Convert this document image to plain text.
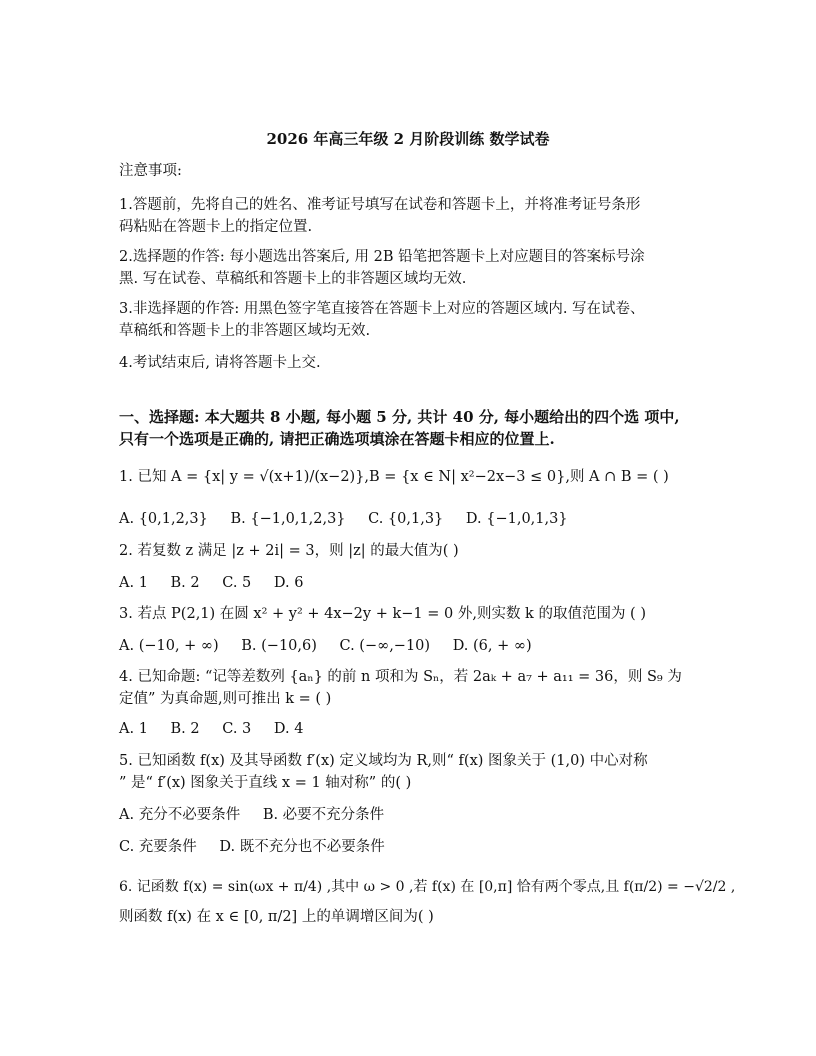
2026 年高三年级 2 月阶段训练 数学试卷
注意事项:
1.答题前，先将自己的姓名、准考证号填写在试卷和答题卡上，并将准考证号条形
码粘贴在答题卡上的指定位置.
2.选择题的作答: 每小题选出答案后, 用 2B 铅笔把答题卡上对应题目的答案标号涂
黑. 写在试卷、草稿纸和答题卡上的非答题区域均无效.
3.非选择题的作答: 用黑色签字笔直接答在答题卡上对应的答题区域内. 写在试卷、
草稿纸和答题卡上的非答题区域均无效.
4.考试结束后, 请将答题卡上交.
一、选择题: 本大题共 8 小题, 每小题 5 分, 共计 40 分, 每小题给出的四个选 项中,
只有一个选项是正确的, 请把正确选项填涂在答题卡相应的位置上.
1. 已知 A = {x| y = √(x+1)/(x−2)},B = {x ∈ N| x²−2x−3 ≤ 0},则 A ∩ B = ( )
A. {0,1,2,3} B. {−1,0,1,2,3} C. {0,1,3} D. {−1,0,1,3}
2. 若复数 z 满足 |z + 2i| = 3，则 |z| 的最大值为( )
A. 1 B. 2 C. 5 D. 6
3. 若点 P(2,1) 在圆 x² + y² + 4x−2y + k−1 = 0 外,则实数 k 的取值范围为 ( )
A. (−10, + ∞) B. (−10,6) C. (−∞,−10) D. (6, + ∞)
4. 已知命题: “记等差数列 {aₙ} 的前 n 项和为 Sₙ，若 2aₖ + a₇ + a₁₁ = 36，则 S₉ 为
定值” 为真命题,则可推出 k = ( )
A. 1 B. 2 C. 3 D. 4
5. 已知函数 f(x) 及其导函数 f′(x) 定义域均为 R,则“ f(x) 图象关于 (1,0) 中心对称
” 是“ f′(x) 图象关于直线 x = 1 轴对称” 的( )
A. 充分不必要条件 B. 必要不充分条件
C. 充要条件 D. 既不充分也不必要条件
6. 记函数 f(x) = sin(ωx + π/4) ,其中 ω > 0 ,若 f(x) 在 [0,π] 恰有两个零点,且 f(π/2) = −√2/2 ,
则函数 f(x) 在 x ∈ [0, π/2] 上的单调增区间为( )
